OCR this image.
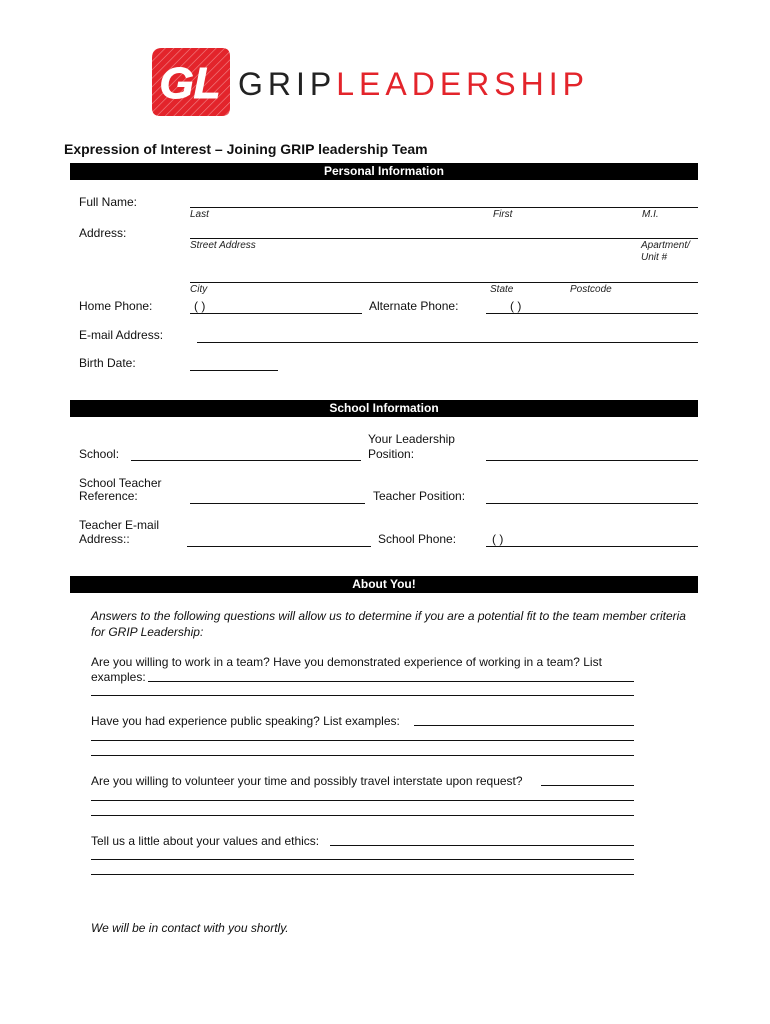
GL GRIPLEADERSHIP
Expression of Interest – Joining GRIP leadership Team
Personal Information
Full Name:
Last	First	M.I.
Address:
Street Address	Apartment/
Unit #
City	State	Postcode
Home Phone:	( )	Alternate Phone:	( )
E-mail Address:
Birth Date:
School Information
School:
Your Leadership
Position:
School Teacher
Reference:	Teacher Position:
Teacher E-mail
Address::	School Phone:	( )
About You!
Answers to the following questions will allow us to determine if you are a potential fit to the team member criteria for GRIP Leadership:
Are you willing to work in a team? Have you demonstrated experience of working in a team? List
examples:
Have you had experience public speaking? List examples:
Are you willing to volunteer your time and possibly travel interstate upon request?
Tell us a little about your values and ethics:
We will be in contact with you shortly.
